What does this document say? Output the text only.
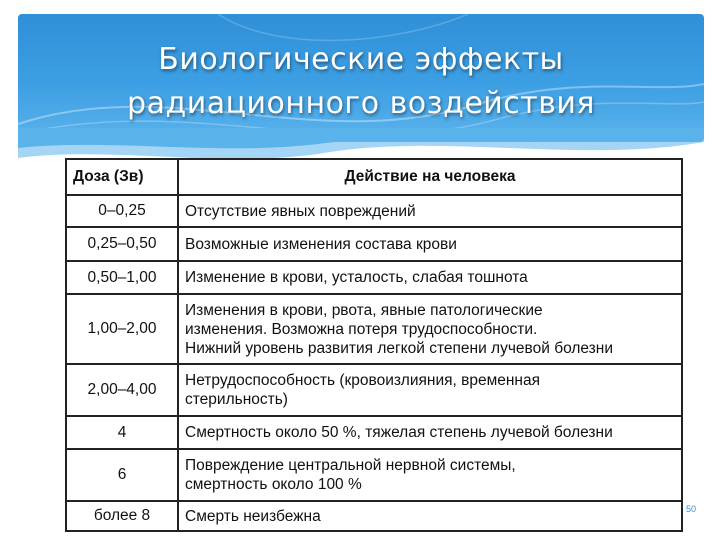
Биологические эффекты
радиационного воздействия
Доза (Зв)	Действие на человека
0–0,25	Отсутствие явных повреждений

0,25–0,50	Возможные изменения состава крови

0,50–1,00	Изменение в крови, усталость, слабая тошнота

1,00–2,00	Изменения в крови, рвота, явные патологические
изменения. Возможна потеря трудоспособности.
Нижний уровень развития легкой степени лучевой болезни

2,00–4,00	Нетрудоспособность (кровоизлияния, временная
стерильность)

4	Смертность около 50 %, тяжелая степень лучевой болезни

6	Повреждение центральной нервной системы,
смертность около 100 %

более 8	Смерть неизбежна	50
